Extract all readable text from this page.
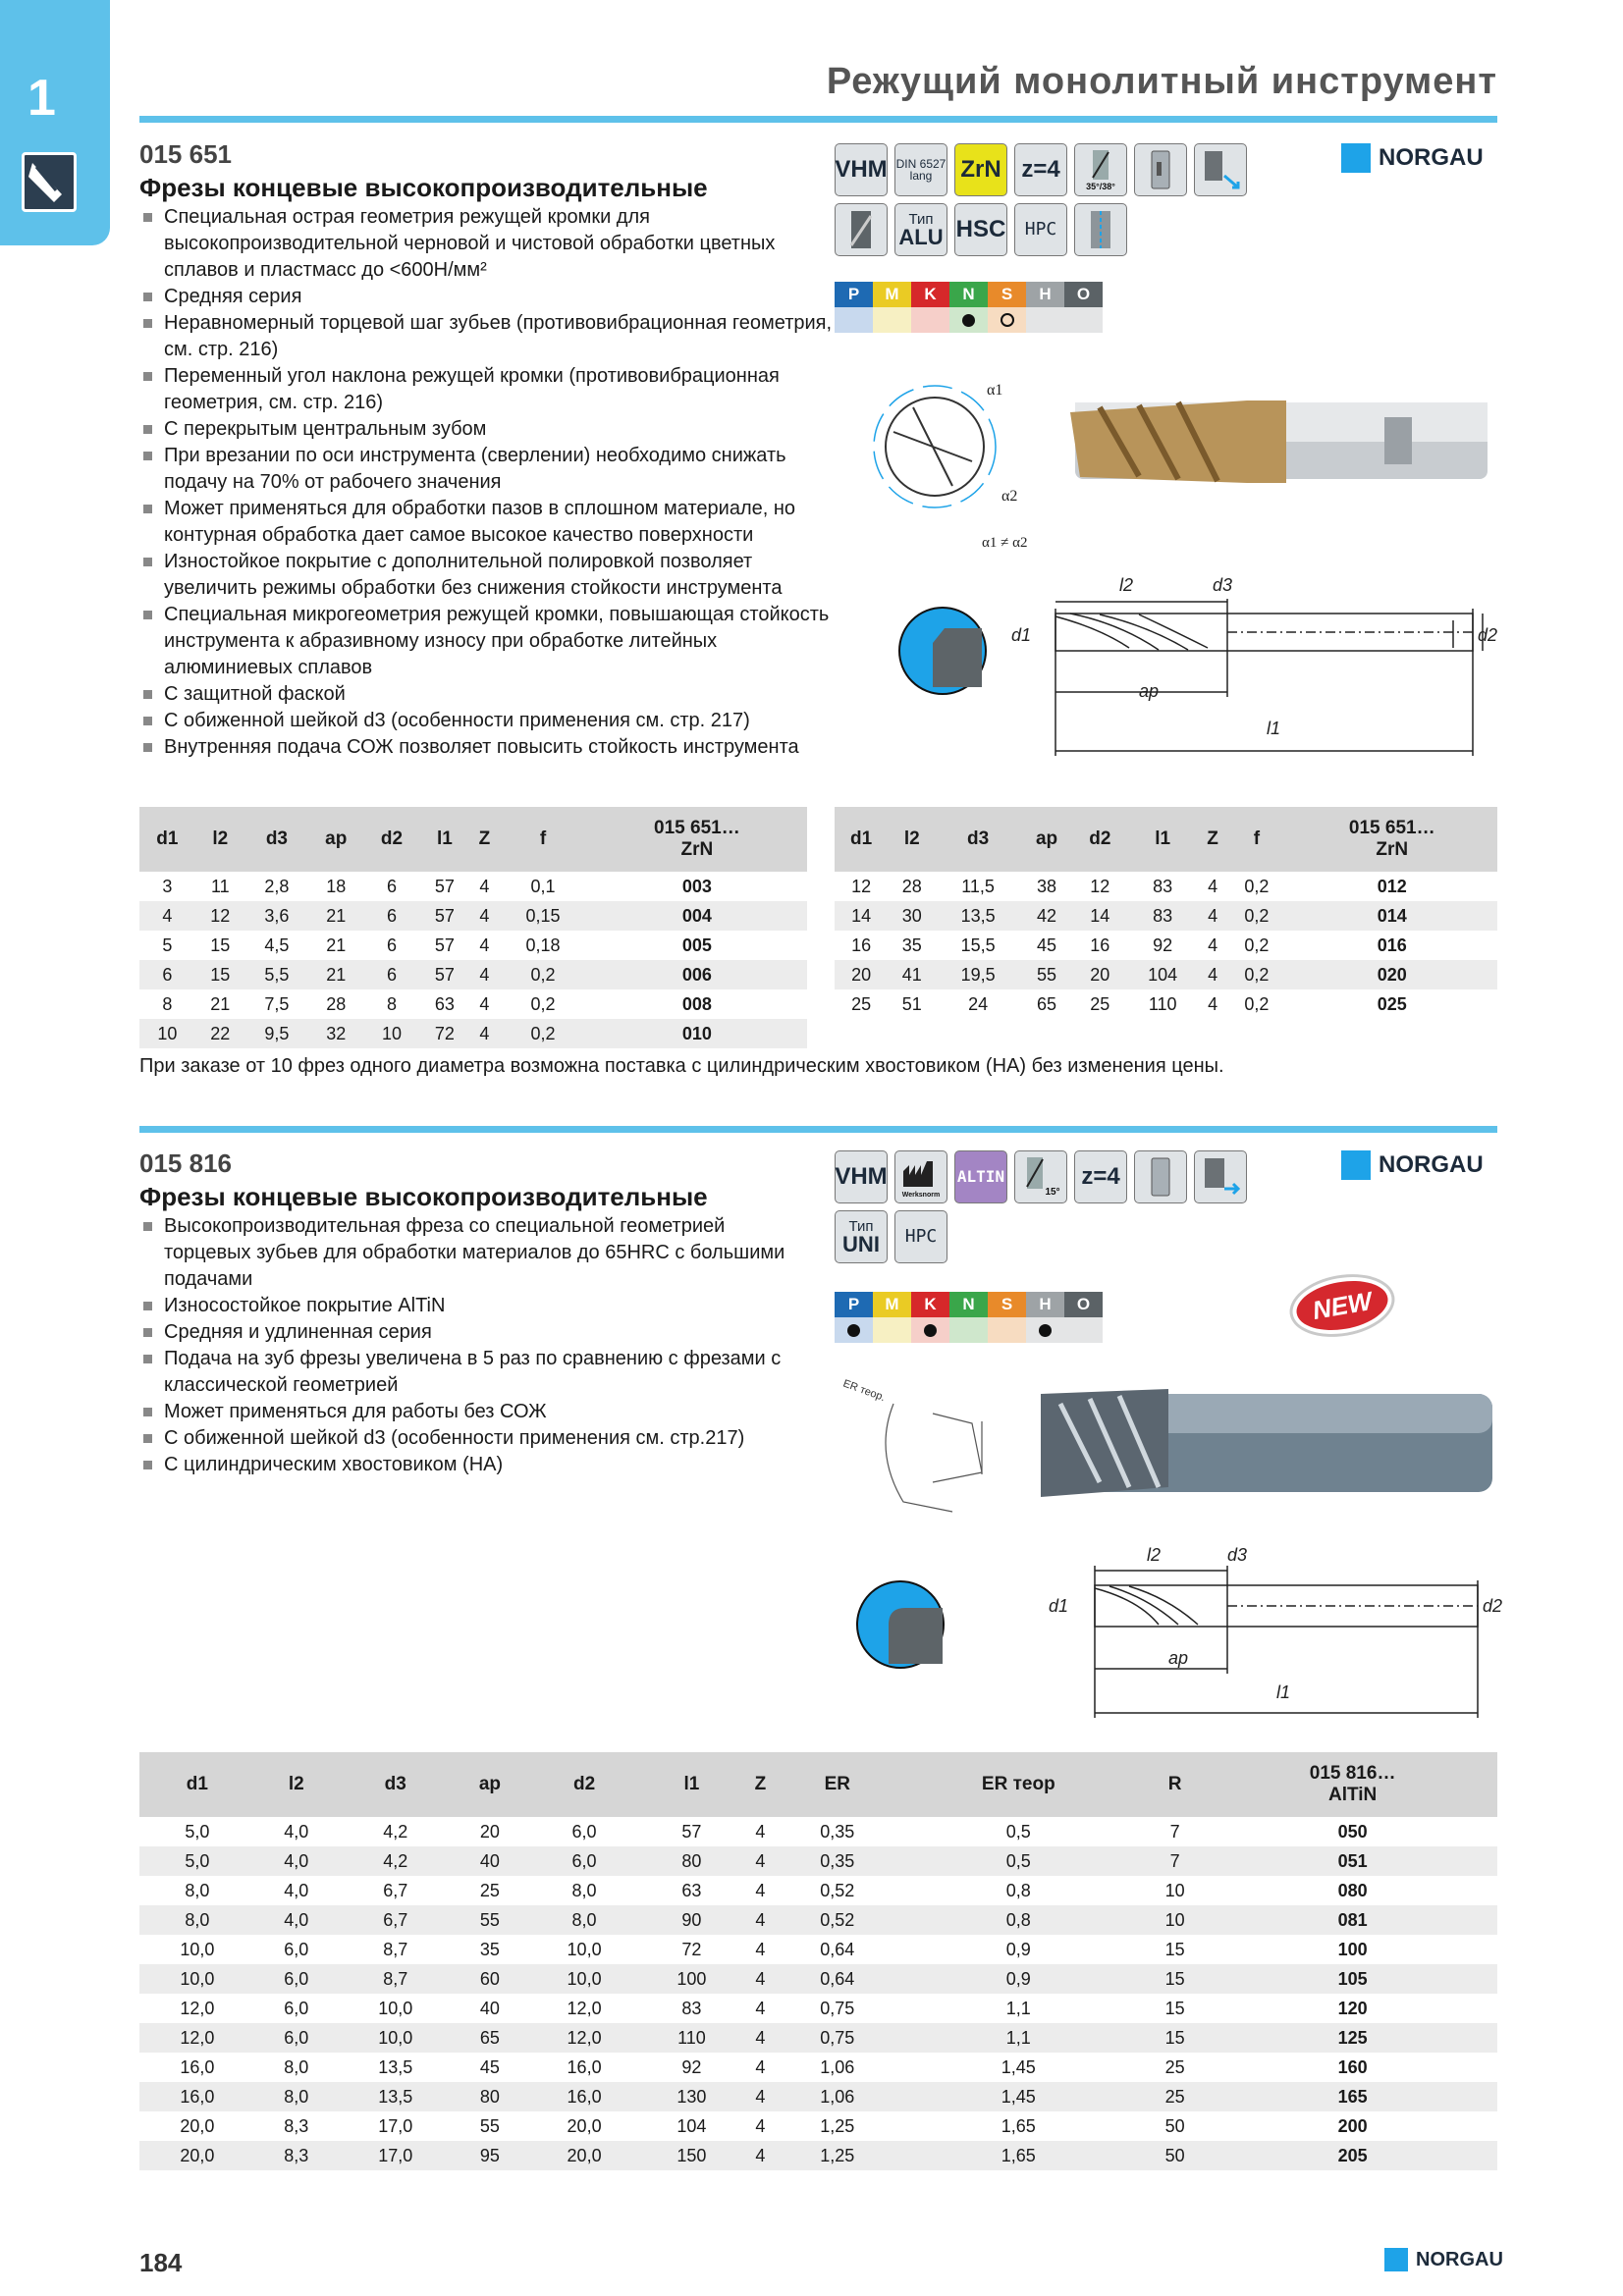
1	Режущий монолитный инструмент
015 651
Фрезы концевые высокопроизводительные
Специальная острая геометрия режущей кромки для высокопроизводительной черновой и чистовой обработки цветных сплавов и пластмасс до <600Н/мм²
Средняя серия
Неравномерный торцевой шаг зубьев (противовибрационная геометрия, см. стр. 216)
Переменный угол наклона режущей кромки (противовибрационная геометрия, см. стр. 216)
С перекрытым центральным зубом
При врезании по оси инструмента (сверлении) необходимо снижать подачу на 70% от рабочего значения
Может применяться для обработки пазов в сплошном материале, но контурная обработка дает самое высокое качество поверхности
Изностойкое покрытие с дополнительной полировкой позволяет увеличить режимы обработки без снижения стойкости инструмента
Специальная микрогеометрия режущей кромки, повышающая стойкость инструмента к абразивному износу при обработке литейных алюминиевых сплавов
С защитной фаской
С обиженной шейкой d3 (особенности применения см. стр. 217)
Внутренняя подача СОЖ позволяет повысить стойкость инструмента
VHM DIN 6527
lang ZrN z=4
35°/38°
Тип
ALU HSC	HPC
NORGAU
P	M	K	N	S	H	O
α1
α2
α1 ≠ α2
l2	d3
d1	d2
ap
l1
d1	l2	d3	ap	d2	l1	Z	f	015 651…
ZrN

3	11	2,8	18	6	57	4	0,1	003
4	12	3,6	21	6	57	4	0,15	004
5	15	4,5	21	6	57	4	0,18	005
6	15	5,5	21	6	57	4	0,2	006
8	21	7,5	28	8	63	4	0,2	008
10	22	9,5	32	10	72	4	0,2	010
d1	l2	d3	ap	d2	l1	Z	f	015 651…
ZrN

12	28	11,5	38	12	83	4	0,2	012
14	30	13,5	42	14	83	4	0,2	014
16	35	15,5	45	16	92	4	0,2	016
20	41	19,5	55	20	104	4	0,2	020
25	51	24	65	25	110	4	0,2	025
При заказе от 10 фрез одного диаметра возможна поставка с цилиндрическим хвостовиком (HA) без изменения цены.
015 816
Фрезы концевые высокопроизводительные
Высокопроизводительная фреза со специальной геометрией торцевых зубьев для обработки материалов до 65HRC с большими подачами
Износостойкое покрытие AlTiN
Средняя и удлиненная серия
Подача на зуб фрезы увеличена в 5 раз по сравнению с фрезами с классической геометрией
Может применяться для работы без СОЖ
С обиженной шейкой d3 (особенности применения см. стр.217)
С цилиндрическим хвостовиком (HA)
VHM
Werksnorm
ALTIN
15°
z=4
Тип
UNI	HPC
NORGAU
P	M	K	N	S	H	O	NEW
ER теор.
l2	d3
d1	d2
ap
l1
d1	l2	d3	ap	d2	l1	Z	ER	ER теор	R	015 816…
AlTiN

5,0	4,0	4,2	20	6,0	57	4	0,35	0,5	7	050
5,0	4,0	4,2	40	6,0	80	4	0,35	0,5	7	051
8,0	4,0	6,7	25	8,0	63	4	0,52	0,8	10	080
8,0	4,0	6,7	55	8,0	90	4	0,52	0,8	10	081
10,0	6,0	8,7	35	10,0	72	4	0,64	0,9	15	100
10,0	6,0	8,7	60	10,0	100	4	0,64	0,9	15	105
12,0	6,0	10,0	40	12,0	83	4	0,75	1,1	15	120
12,0	6,0	10,0	65	12,0	110	4	0,75	1,1	15	125
16,0	8,0	13,5	45	16,0	92	4	1,06	1,45	25	160
16,0	8,0	13,5	80	16,0	130	4	1,06	1,45	25	165
20,0	8,3	17,0	55	20,0	104	4	1,25	1,65	50	200
20,0	8,3	17,0	95	20,0	150	4	1,25	1,65	50	205
184	NORGAU
